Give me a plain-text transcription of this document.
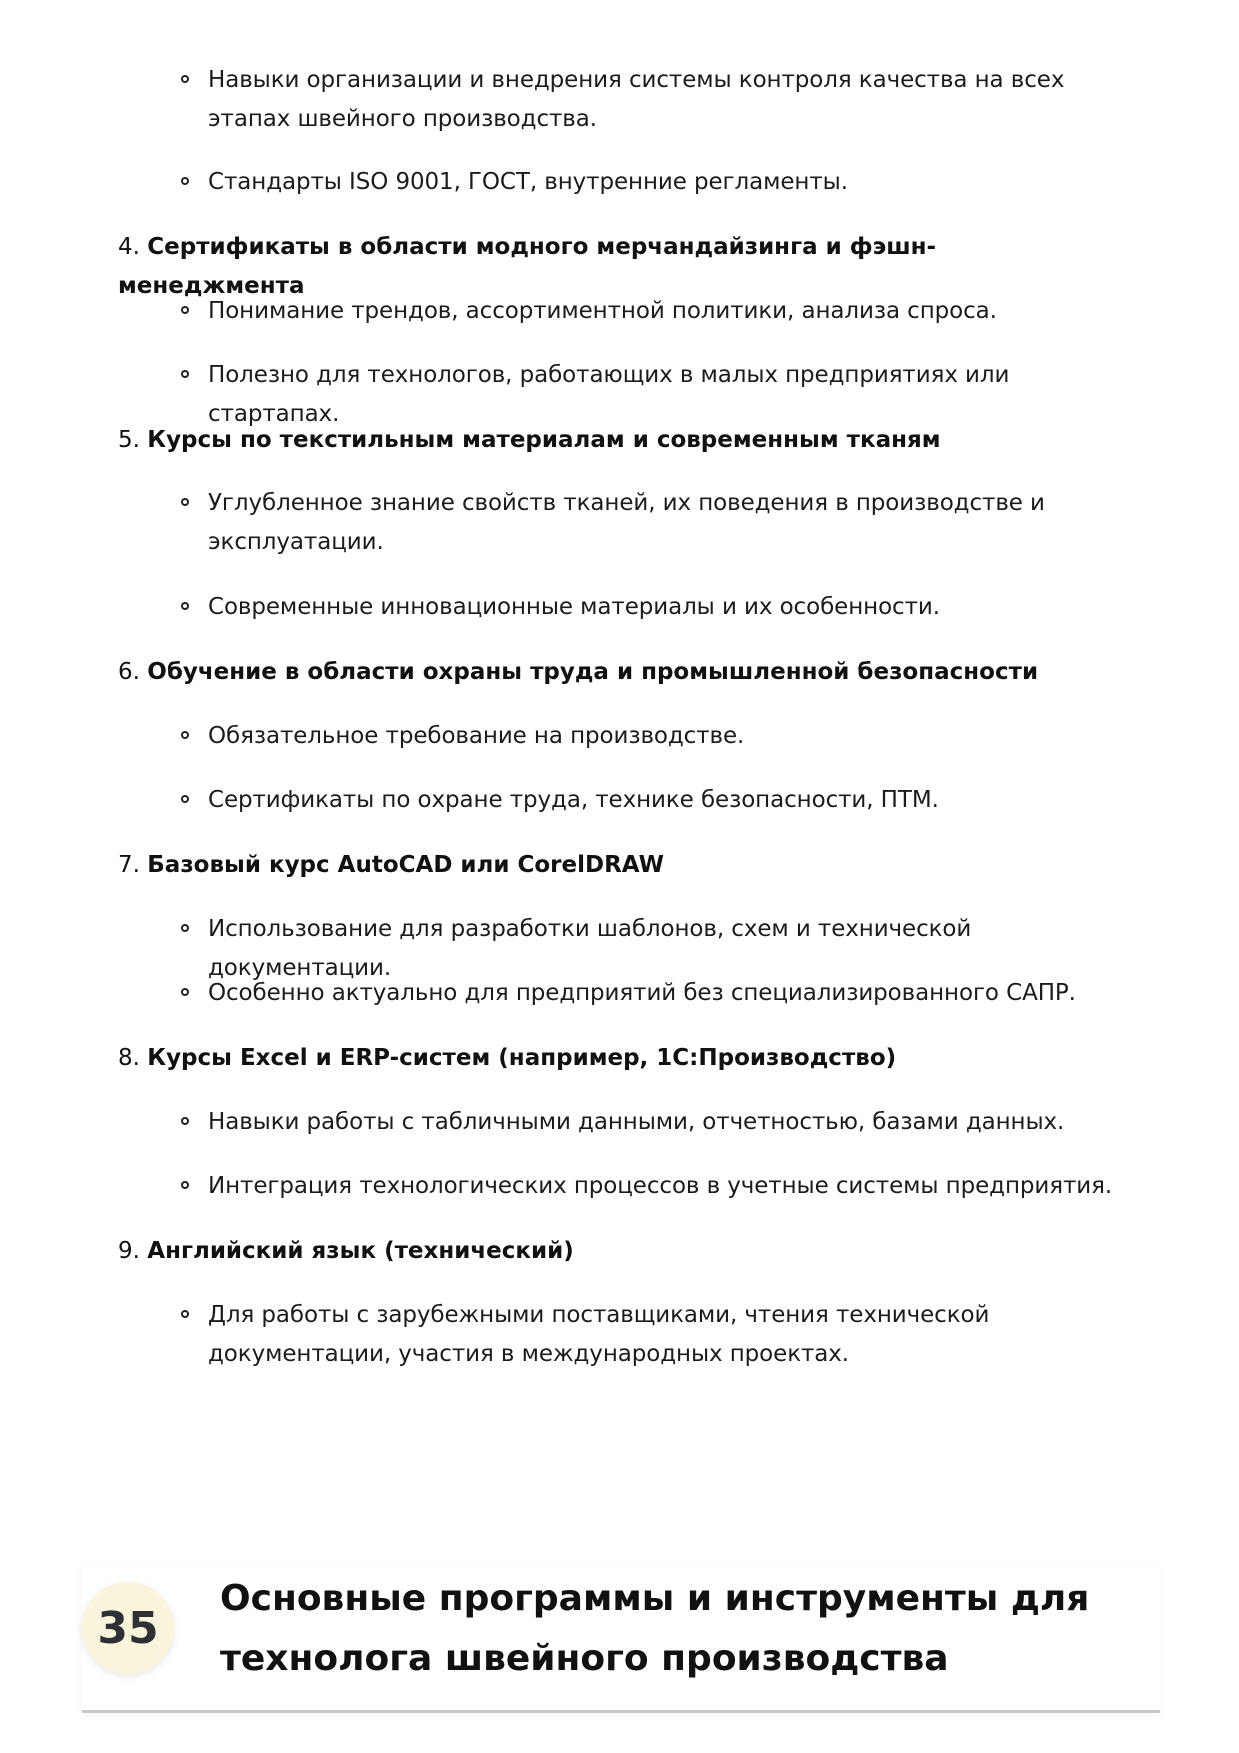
Навыки организации и внедрения системы контроля качества на всех этапах швейного производства.
Стандарты ISO 9001, ГОСТ, внутренние регламенты.
4. Сертификаты в области модного мерчандайзинга и фэшн-менеджмента
Понимание трендов, ассортиментной политики, анализа спроса.
Полезно для технологов, работающих в малых предприятиях или стартапах.
5. Курсы по текстильным материалам и современным тканям
Углубленное знание свойств тканей, их поведения в производстве и эксплуатации.
Современные инновационные материалы и их особенности.
6. Обучение в области охраны труда и промышленной безопасности
Обязательное требование на производстве.
Сертификаты по охране труда, технике безопасности, ПТМ.
7. Базовый курс AutoCAD или CorelDRAW
Использование для разработки шаблонов, схем и технической документации.
Особенно актуально для предприятий без специализированного САПР.
8. Курсы Excel и ERP-систем (например, 1С:Производство)
Навыки работы с табличными данными, отчетностью, базами данных.
Интеграция технологических процессов в учетные системы предприятия.
9. Английский язык (технический)
Для работы с зарубежными поставщиками, чтения технической документации, участия в международных проектах.
35
Основные программы и инструменты для технолога швейного производства
